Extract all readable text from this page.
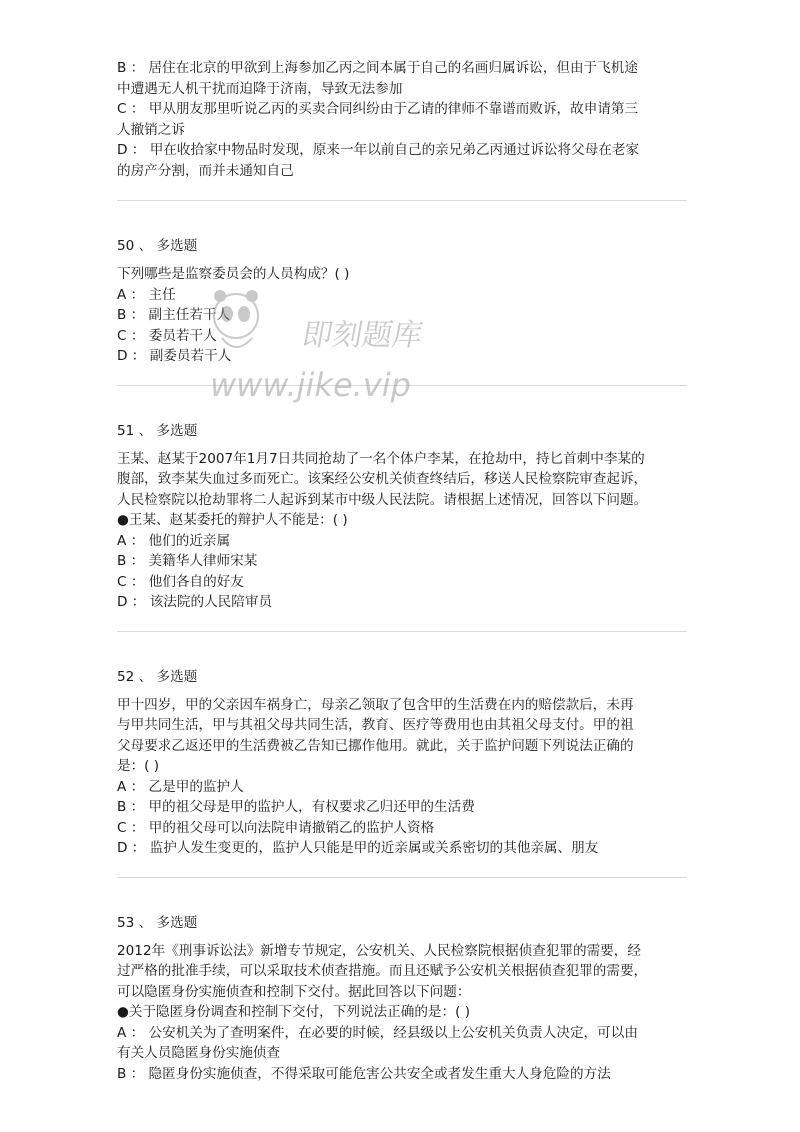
B ： 居住在北京的甲欲到上海参加乙丙之间本属于自己的名画归属诉讼，但由于飞机途
中遭遇无人机干扰而迫降于济南，导致无法参加
C ： 甲从朋友那里听说乙丙的买卖合同纠纷由于乙请的律师不靠谱而败诉，故申请第三
人撤销之诉
D ： 甲在收拾家中物品时发现，原来一年以前自己的亲兄弟乙丙通过诉讼将父母在老家
的房产分割，而并未通知自己
50 、 多选题
下列哪些是监察委员会的人员构成？( )
A ： 主任
B ： 副主任若干人
C ： 委员若干人
D ： 副委员若干人
51 、 多选题
王某、赵某于2007年1月7日共同抢劫了一名个体户李某，在抢劫中，持匕首刺中李某的
腹部，致李某失血过多而死亡。该案经公安机关侦查终结后，移送人民检察院审查起诉，
人民检察院以抢劫罪将二人起诉到某市中级人民法院。请根据上述情况，回答以下问题。
●王某、赵某委托的辩护人不能是：( )
A ： 他们的近亲属
B ： 美籍华人律师宋某
C ： 他们各自的好友
D ： 该法院的人民陪审员
52 、 多选题
甲十四岁，甲的父亲因车祸身亡，母亲乙领取了包含甲的生活费在内的赔偿款后，未再
与甲共同生活，甲与其祖父母共同生活，教育、医疗等费用也由其祖父母支付。甲的祖
父母要求乙返还甲的生活费被乙告知已挪作他用。就此，关于监护问题下列说法正确的
是：( )
A ： 乙是甲的监护人
B ： 甲的祖父母是甲的监护人，有权要求乙归还甲的生活费
C ： 甲的祖父母可以向法院申请撤销乙的监护人资格
D ： 监护人发生变更的，监护人只能是甲的近亲属或关系密切的其他亲属、朋友
53 、 多选题
2012年《刑事诉讼法》新增专节规定，公安机关、人民检察院根据侦查犯罪的需要，经
过严格的批准手续，可以采取技术侦查措施。而且还赋予公安机关根据侦查犯罪的需要，
可以隐匿身份实施侦查和控制下交付。据此回答以下问题：
●关于隐匿身份调查和控制下交付，下列说法正确的是：( )
A ： 公安机关为了查明案件，在必要的时候，经县级以上公安机关负责人决定，可以由
有关人员隐匿身份实施侦查
B ： 隐匿身份实施侦查，不得采取可能危害公共安全或者发生重大人身危险的方法
即刻题库
www.jike.vip
